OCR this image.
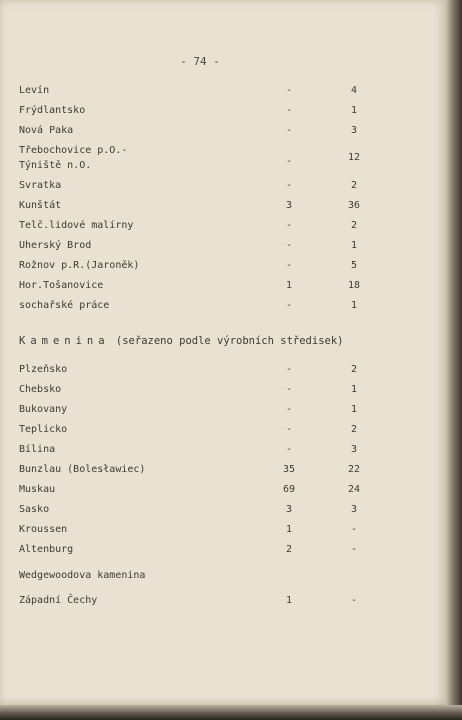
- 74 -
Levín	-	4
Frýdlantsko	-	1
Nová Paka	-	3
Třebochovice p.O.-
Týniště n.O.	-	12
Svratka	-	2
Kunštát	3	36
Telč.lidové malírny	-	2
Uherský Brod	-	1
Rožnov p.R.(Jaroněk)	-	5
Hor.Tošanovice	1	18
sochařské práce	-	1
Kamenina (seřazeno podle výrobních středisek)
Plzeňsko	-	2
Chebsko	-	1
Bukovany	-	1
Teplicko	-	2
Bílina	-	3
Bunzlau (Bolesławiec)	35	22
Muskau	69	24
Sasko	3	3
Kroussen	1	-
Altenburg	2	-
Wedgewoodova kamenina
Západní Čechy	1	-
